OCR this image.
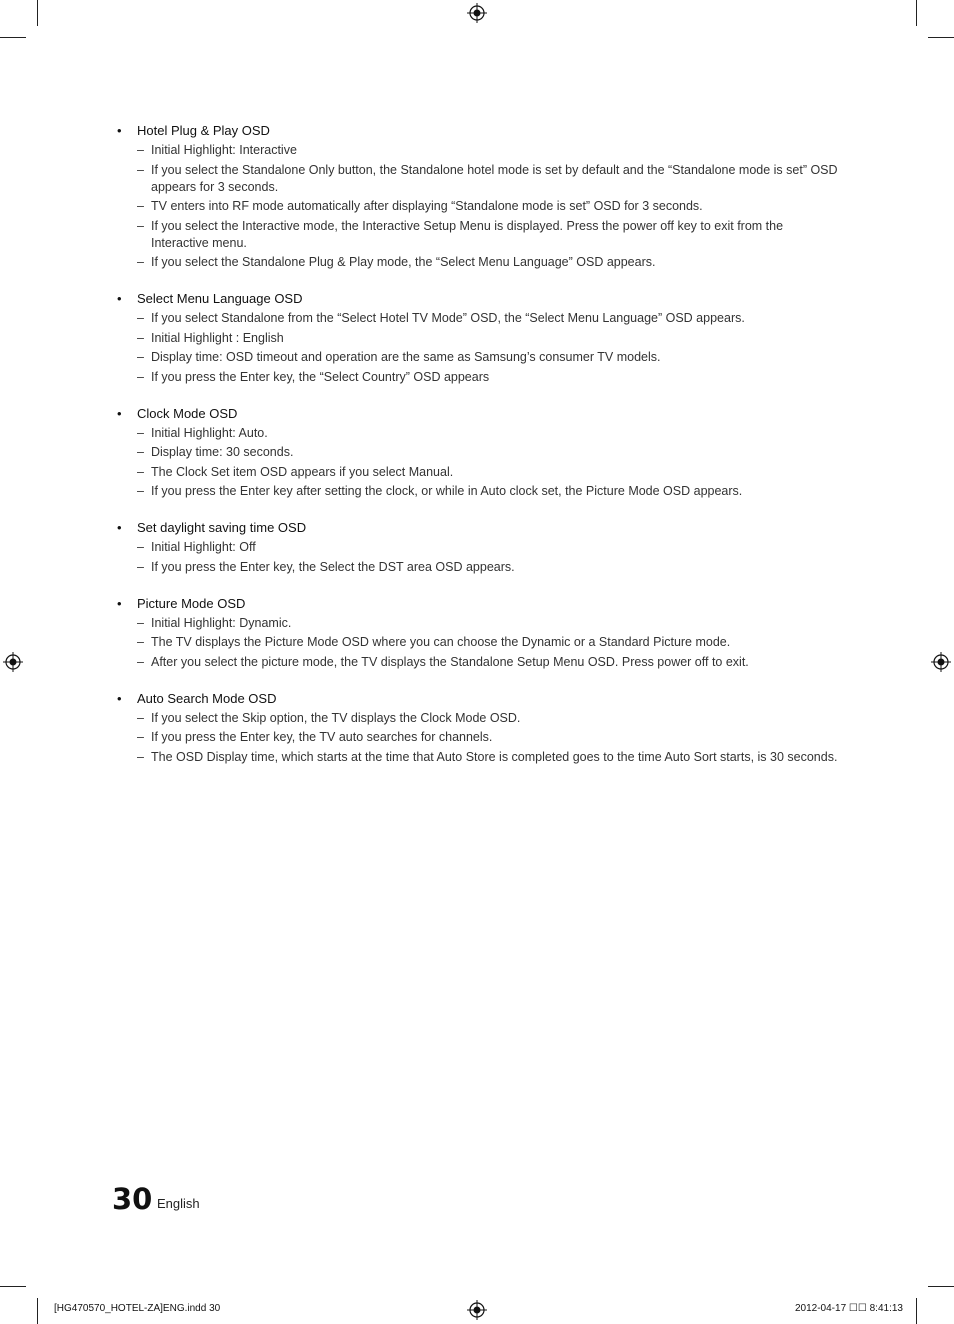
• Hotel Plug & Play OSD
– Initial Highlight: Interactive
– If you select the Standalone Only button, the Standalone hotel mode is set by default and the “Standalone mode is set” OSD appears for 3 seconds.
– TV enters into RF mode automatically after displaying “Standalone mode is set” OSD for 3 seconds.
– If you select the Interactive mode, the Interactive Setup Menu is displayed. Press the power off key to exit from the Interactive menu.
– If you select the Standalone Plug & Play mode, the “Select Menu Language” OSD appears.
• Select Menu Language OSD
– If you select Standalone from the “Select Hotel TV Mode” OSD, the “Select Menu Language” OSD appears.
– Initial Highlight : English
– Display time: OSD timeout and operation are the same as Samsung’s consumer TV models.
– If you press the Enter key, the “Select Country” OSD appears
• Clock Mode OSD
– Initial Highlight: Auto.
– Display time: 30 seconds.
– The Clock Set item OSD appears if you select Manual.
– If you press the Enter key after setting the clock, or while in Auto clock set, the Picture Mode OSD appears.
• Set daylight saving time OSD
– Initial Highlight: Off
– If you press the Enter key, the Select the DST area OSD appears.
• Picture Mode OSD
– Initial Highlight: Dynamic.
– The TV displays the Picture Mode OSD where you can choose the Dynamic or a Standard Picture mode.
– After you select the picture mode, the TV displays the Standalone Setup Menu OSD. Press power off to exit.
• Auto Search Mode OSD
– If you select the Skip option, the TV displays the Clock Mode OSD.
– If you press the Enter key, the TV auto searches for channels.
– The OSD Display time, which starts at the time that Auto Store is completed goes to the time Auto Sort starts, is 30 seconds.
30 English
[HG470570_HOTEL-ZA]ENG.indd 30	2012-04-17 ☐☐ 8:41:13
